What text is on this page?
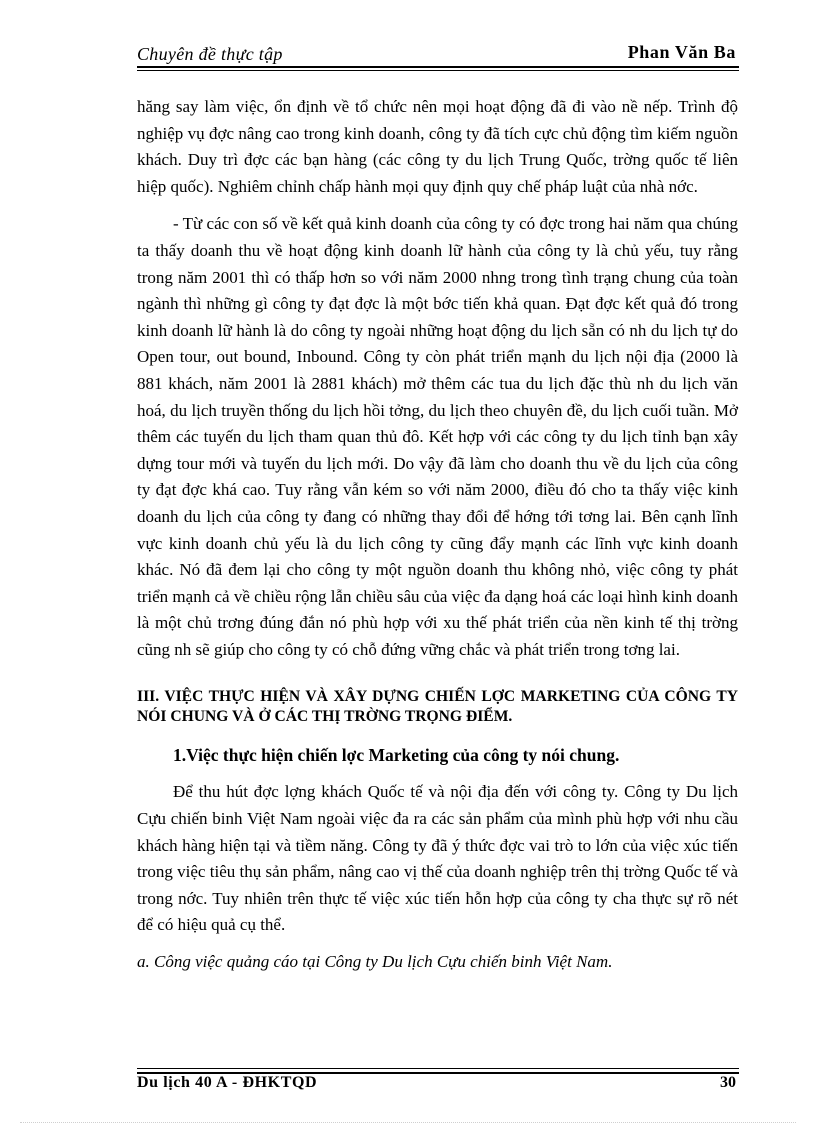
Chuyên đề thực tập	Phan Văn Ba

hăng say làm việc, ổn định về tổ chức nên mọi hoạt động đã đi vào nề nếp. Trình độ nghiệp vụ đợc nâng cao trong kinh doanh, công ty đã tích cực chủ động tìm kiếm nguồn khách. Duy trì đợc các bạn hàng (các công ty du lịch Trung Quốc, trờng quốc tế liên hiệp quốc). Nghiêm chỉnh chấp hành mọi quy định quy chế pháp luật của nhà nớc.

- Từ các con số về kết quả kinh doanh của công ty có đợc trong hai năm qua chúng ta thấy doanh thu về hoạt động kinh doanh lữ hành của công ty là chủ yếu, tuy rằng trong năm 2001 thì có thấp hơn so với năm 2000 nhng trong tình trạng chung của toàn ngành thì những gì công ty đạt đợc là một bớc tiến khả quan. Đạt đợc kết quả đó trong kinh doanh lữ hành là do công ty ngoài những hoạt động du lịch sẵn có nh du lịch tự do Open tour, out bound, Inbound. Công ty còn phát triển mạnh du lịch nội địa (2000 là 881 khách, năm 2001 là 2881 khách) mở thêm các tua du lịch đặc thù nh du lịch văn hoá, du lịch truyền thống du lịch hồi tởng, du lịch theo chuyên đề, du lịch cuối tuần. Mở thêm các tuyến du lịch tham quan thủ đô. Kết hợp với các công ty du lịch tỉnh bạn xây dựng tour mới và tuyến du lịch mới. Do vậy đã làm cho doanh thu về du lịch của công ty đạt đợc khá cao. Tuy rằng vẫn kém so với năm 2000, điều đó cho ta thấy việc kinh doanh du lịch của công ty đang có những thay đổi để hớng tới tơng lai. Bên cạnh lĩnh vực kinh doanh chủ yếu là du lịch công ty cũng đẩy mạnh các lĩnh vực kinh doanh khác. Nó đã đem lại cho công ty một nguồn doanh thu không nhỏ, việc công ty phát triển mạnh cả về chiều rộng lẫn chiều sâu của việc đa dạng hoá các loại hình kinh doanh là một chủ trơng đúng đắn nó phù hợp với xu thế phát triển của nền kinh tế thị trờng cũng nh sẽ giúp cho công ty có chỗ đứng vững chắc và phát triển trong tơng lai.

III. VIỆC THỰC HIỆN VÀ XÂY DỰNG CHIẾN LỢC MARKETING CỦA CÔNG TY NÓI CHUNG VÀ Ở CÁC THỊ TRỜNG TRỌNG ĐIỂM.

1.Việc thực hiện chiến lợc Marketing của công ty nói chung.

Để thu hút đợc lợng khách Quốc tế và nội địa đến với công ty. Công ty Du lịch Cựu chiến binh Việt Nam ngoài việc đa ra các sản phẩm của mình phù hợp với nhu cầu khách hàng hiện tại và tiềm năng. Công ty đã ý thức đợc vai trò to lớn của việc xúc tiến trong việc tiêu thụ sản phẩm, nâng cao vị thế của doanh nghiệp trên thị trờng Quốc tế và trong nớc. Tuy nhiên trên thực tế việc xúc tiến hỗn hợp của công ty cha thực sự rõ nét để có hiệu quả cụ thể.

a. Công việc quảng cáo tại Công ty Du lịch Cựu chiến binh Việt Nam.

Du lịch 40 A - ĐHKTQD	30
